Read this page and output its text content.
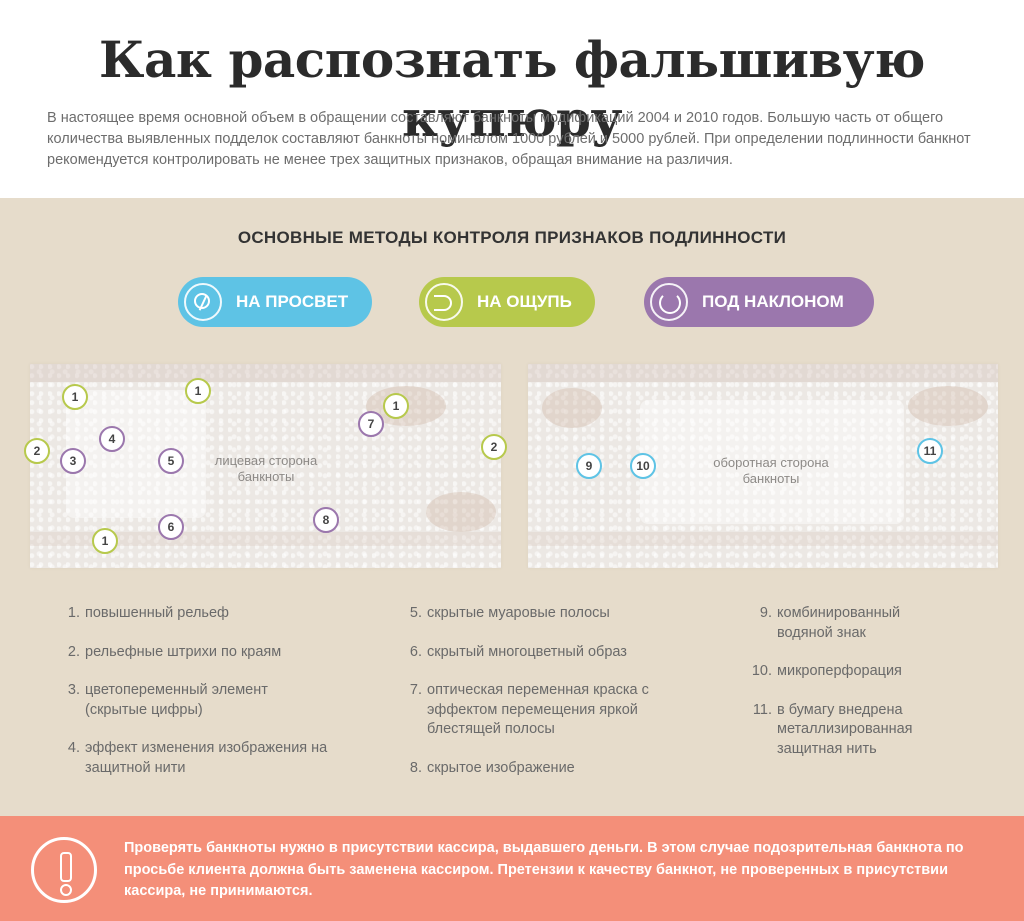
Как распознать фальшивую купюру

В настоящее время основной объем в обращении составляют банкноты модификаций 2004 и 2010 годов. Большую часть от общего количества выявленных подделок составляют банкноты номиналом 1000 рублей и 5000 рублей. При определении подлинности банкнот рекомендуется контролировать не менее трех защитных признаков, обращая внимание на различия.

ОСНОВНЫЕ МЕТОДЫ КОНТРОЛЯ ПРИЗНАКОВ ПОДЛИННОСТИ
НА ПРОСВЕТ	НА ОЩУПЬ	ПОД НАКЛОНОМ
лицевая сторона банкноты
оборотная сторона банкноты
1	1
1
1
2	2
3
4
5
6
7
8
9	10
11
1. повышенный рельеф
2. рельефные штрихи по краям
3. цветопеременный элемент (скрытые цифры)
4. эффект изменения изображения на защитной нити
5. скрытые муаровые полосы
6. скрытый многоцветный образ
7. оптическая переменная краска с эффектом перемещения яркой блестящей полосы
8. скрытое изображение
9. комбинированный водяной знак
10. микроперфорация
11. в бумагу внедрена металлизированная защитная нить

Проверять банкноты нужно в присутствии кассира, выдавшего деньги. В этом случае подозрительная банкнота по просьбе клиента должна быть заменена кассиром. Претензии к качеству банкнот, не проверенных в присутствии кассира, не принимаются.
